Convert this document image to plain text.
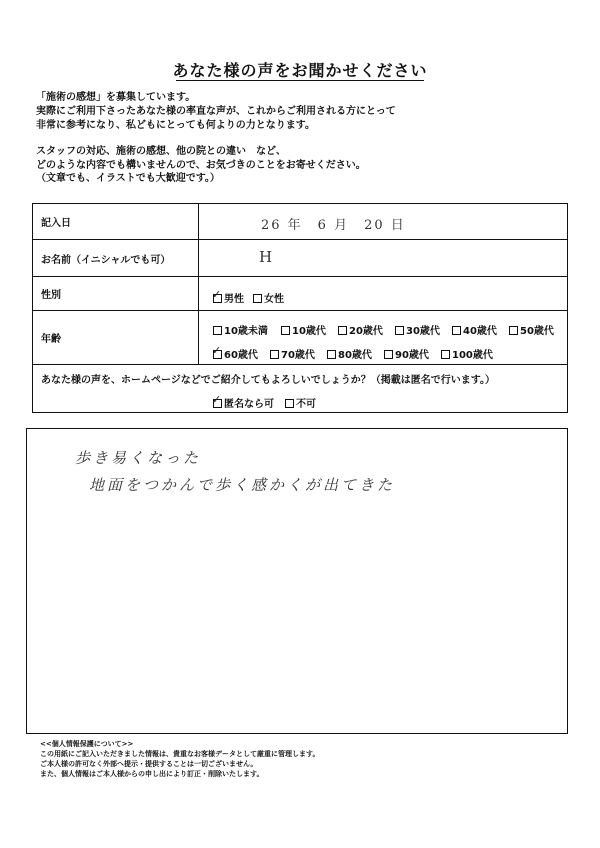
あなた様の声をお聞かせください

「施術の感想」を募集しています。

実際にご利用下さったあなた様の率直な声が、これからご利用される方にとって

非常に参考になり、私どもにとっても何よりの力となります。

スタッフの対応、施術の感想、他の院との違い　など、

どのような内容でも構いませんので、お気づきのことをお寄せください。

（文章でも、イラストでも大歓迎です。）

記入日	26 年　6 月　20 日
お名前（イニシャルでも可）	H
性別	✓ 男性	女性
年齢
10歳未満	10歳代	20歳代	30歳代	40歳代	50歳代
✓ 60歳代	70歳代	80歳代	90歳代	100歳代
あなた様の声を、ホームページなどでご紹介してもよろしいでしょうか？（掲載は匿名で行います。）
✓ 匿名なら可	不可
歩き易くなった
地面をつかんで歩く感かくが出てきた

<<個人情報保護について>>

この用紙にご記入いただきました情報は、貴重なお客様データとして厳重に管理します。

ご本人様の許可なく外部へ提示・提供することは一切ございません。

また、個人情報はご本人様からの申し出により訂正・削除いたします。
